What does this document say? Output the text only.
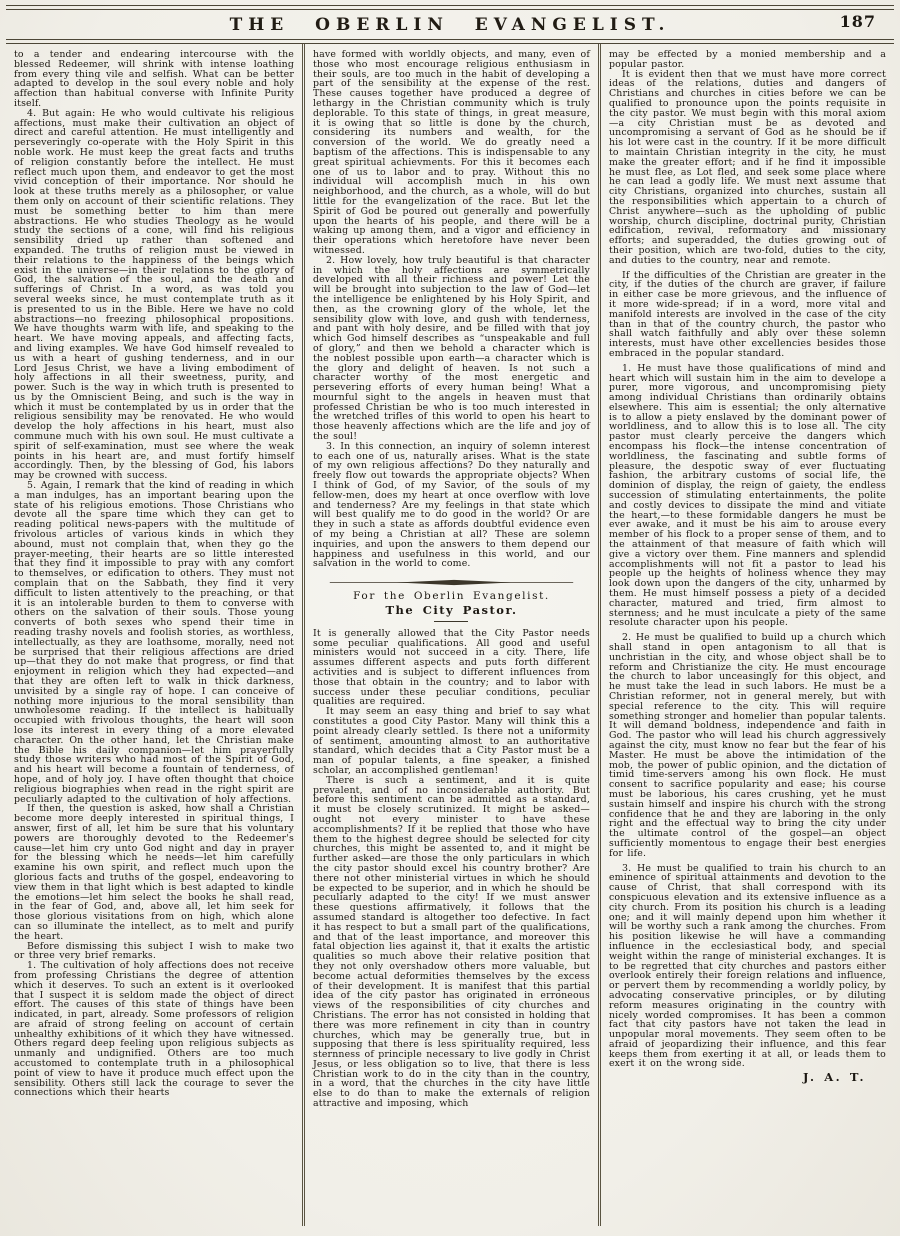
THE OBERLIN EVANGELIST.	187

to a tender and endearing intercourse with the blessed Redeemer, will shrink with intense loathing from every thing vile and selfish. What can be better adapted to develop in the soul every noble and holy affection than habitual converse with Infinite Purity itself.

4. But again: He who would cultivate his religious affections, must make their cultivation an object of direct and careful attention. He must intelligently and perseveringly co-operate with the Holy Spirit in this noble work. He must keep the great facts and truths of religion constantly before the intellect. He must reflect much upon them, and endeavor to get the most vivid conception of their importance. Nor should he look at these truths merely as a philosopher, or value them only on account of their scientific relations. They must be something better to him than mere abstractions. He who studies Theology as he would study the sections of a cone, will find his religious sensibility dried up rather than softened and expanded. The truths of religion must be viewed in their relations to the happiness of the beings which exist in the universe—in their relations to the glory of God, the salvation of the soul, and the death and sufferings of Christ. In a word, as was told you several weeks since, he must contemplate truth as it is presented to us in the Bible. Here we have no cold abstractions—no freezing philosophical propositions. We have thoughts warm with life, and speaking to the heart. We have moving appeals, and affecting facts, and living examples. We have God himself revealed to us with a heart of gushing tenderness, and in our Lord Jesus Christ, we have a living embodiment of holy affections in all their sweetness, purity, and power. Such is the way in which truth is presented to us by the Omniscient Being, and such is the way in which it must be contemplated by us in order that the religious sensibility may be renovated. He who would develop the holy affections in his heart, must also commune much with his own soul. He must cultivate a spirit of self-examination, must see where the weak points in his heart are, and must fortify himself accordingly. Then, by the blessing of God, his labors may be crowned with success.

5. Again, I remark that the kind of reading in which a man indulges, has an important bearing upon the state of his religious emotions. Those Christians who devote all the spare time which they can get to reading political news-papers with the multitude of frivolous articles of various kinds in which they abound, must not complain that, when they go the prayer-meeting, their hearts are so little interested that they find it impossible to pray with any comfort to themselves, or edification to others. They must not complain that on the Sabbath, they find it very difficult to listen attentively to the preaching, or that it is an intolerable burden to them to converse with others on the salvation of their souls. Those young converts of both sexes who spend their time in reading trashy novels and foolish stories, as worthless, intellectually, as they are loathsome, morally, need not be surprised that their religious affections are dried up—that they do not make that progress, or find that enjoyment in religion which they had expected—and that they are often left to walk in thick darkness, unvisited by a single ray of hope. I can conceive of nothing more injurious to the moral sensibility than unwholesome reading. If the intellect is habitually occupied with frivolous thoughts, the heart will soon lose its interest in every thing of a more elevated character. On the other hand, let the Christian make the Bible his daily companion—let him prayerfully study those writers who had most of the Spirit of God, and his heart will become a fountain of tenderness, of hope, and of holy joy. I have often thought that choice religious biographies when read in the right spirit are peculiarly adapted to the cultivation of holy affections.

If then, the question is asked, how shall a Christian become more deeply interested in spiritual things, I answer, first of all, let him be sure that his voluntary powers are thoroughly devoted to the Redeemer's cause—let him cry unto God night and day in prayer for the blessing which he needs—let him carefully examine his own spirit, and reflect much upon the glorious facts and truths of the gospel, endeavoring to view them in that light which is best adapted to kindle the emotions—let him select the books he shall read, in the fear of God, and, above all, let him seek for those glorious visitations from on high, which alone can so illuminate the intellect, as to melt and purify the heart.

Before dismissing this subject I wish to make two or three very brief remarks.

1. The cultivation of holy affections does not receive from professing Christians the degree of attention which it deserves. To such an extent is it overlooked that I suspect it is seldom made the object of direct effort. The causes of this state of things have been indicated, in part, already. Some professors of religion are afraid of strong feeling on account of certain unhealthy exhibitions of it which they have witnessed. Others regard deep feeling upon religious subjects as unmanly and undignified. Others are too much accustomed to contemplate truth in a philosophical point of view to have it produce much effect upon the sensibility. Others still lack the courage to sever the connections which their hearts

have formed with worldly objects, and many, even of those who most encourage religious enthusiasm in their souls, are too much in the habit of developing a part of the sensibility at the expense of the rest. These causes together have produced a degree of lethargy in the Christian community which is truly deplorable. To this state of things, in great measure, it is owing that so little is done by the church, considering its numbers and wealth, for the conversion of the world. We do greatly need a baptism of the affections. This is indispensable to any great spiritual achievments. For this it becomes each one of us to labor and to pray. Without this no individual will accomplish much in his own neighborhood, and the church, as a whole, will do but little for the evangelization of the race. But let the Spirit of God be poured out generally and powerfully upon the hearts of his people, and there will be a waking up among them, and a vigor and efficiency in their operations which heretofore have never been witnessed.

2. How lovely, how truly beautiful is that character in which the holy affections are symmetrically developed with all their richness and power! Let the will be brought into subjection to the law of God—let the intelligence be enlightened by his Holy Spirit, and then, as the crowning glory of the whole, let the sensibility glow with love, and gush with tenderness, and pant with holy desire, and be filled with that joy which God himself describes as “unspeakable and full of glory,” and then we behold a character which is the noblest possible upon earth—a character which is the glory and delight of heaven. Is not such a character worthy of the most energetic and persevering efforts of every human being! What a mournful sight to the angels in heaven must that professed Christian be who is too much interested in the wretched trifles of this world to open his heart to those heavenly affections which are the life and joy of the soul!

3. In this connection, an inquiry of solemn interest to each one of us, naturally arises. What is the state of my own religious affections? Do they naturally and freely flow out towards the appropriate objects? When I think of God, of my Savior, of the souls of my fellow-men, does my heart at once overflow with love and tenderness? Are my feelings in that state which will best qualify me to do good in the world? Or are they in such a state as affords doubtful evidence even of my being a Christian at all? These are solemn inquiries, and upon the answers to them depend our happiness and usefulness in this world, and our salvation in the world to come.

For the Oberlin Evangelist.

The City Pastor.

It is generally allowed that the City Pastor needs some peculiar qualifications. All good and useful ministers would not succeed in a city. There, life assumes different aspects and puts forth different activities and is subject to different influences from those that obtain in the country; and to labor with success under these peculiar conditions, peculiar qualities are required.

It may seem an easy thing and brief to say what constitutes a good City Pastor. Many will think this a point already clearly settled. Is there not a uniformity of sentiment, amounting almost to an authoritative standard, which decides that a City Pastor must be a man of popular talents, a fine speaker, a finished scholar, an accomplished gentleman!

There is such a sentiment, and it is quite prevalent, and of no inconsiderable authority. But before this sentiment can be admitted as a standard, it must be closely scrutinized. It might be asked—ought not every minister to have these accomplishments? If it be replied that those who have them to the highest degree should be selected for city churches, this might be assented to, and it might be further asked—are those the only particulars in which the city pastor should excel his country brother? Are there not other ministerial virtues in which he should be expected to be superior, and in which he should be peculiarly adapted to the city! If we must answer these questions affirmatively, it follows that the assumed standard is altogether too defective. In fact it has respect to but a small part of the qualifications, and that of the least importance, and moreover this fatal objection lies against it, that it exalts the artistic qualities so much above their relative position that they not only overshadow others more valuable, but become actual deformities themselves by the excess of their development. It is manifest that this partial idea of the city pastor has originated in erroneous views of the responsibilities of city churches and Christians. The error has not consisted in holding that there was more refinement in city than in country churches, which may be generally true, but in supposing that there is less spirituality required, less sternness of principle necessary to live godly in Christ Jesus, or less obligation so to live, that there is less Christian work to do in the city than in the country, in a word, that the churches in the city have little else to do than to make the externals of religion attractive and imposing, which

may be effected by a monied membership and a popular pastor.

It is evident then that we must have more correct ideas of the relations, duties and dangers of Christians and churches in cities before we can be qualified to pronounce upon the points requisite in the city pastor. We must begin with this moral axiom—a city Christian must be as devoted and uncompromising a servant of God as he should be if his lot were cast in the country. If it be more difficult to maintain Christian integrity in the city, he must make the greater effort; and if he find it impossible he must flee, as Lot fled, and seek some place where he can lead a godly life. We must next assume that city Christians, organized into churches, sustain all the responsibilities which appertain to a church of Christ anywhere—such as the upholding of public worship, church discipline, doctrinal purity, Christian edification, revival, reformatory and missionary efforts; and superadded, the duties growing out of their position, which are two-fold, duties to the city, and duties to the country, near and remote.

If the difficulties of the Christian are greater in the city, if the duties of the church are graver, if failure in either case be more grievous, and the influence of it more wide-spread; if in a word, more vital and manifold interests are involved in the case of the city than in that of the country church, the pastor who shall watch faithfully and ably over these solemn interests, must have other excellencies besides those embraced in the popular standard.

1. He must have those qualifications of mind and heart which will sustain him in the aim to develope a purer, more vigorous, and uncompromising piety among individual Christians than ordinarily obtains elsewhere. This aim is essential; the only alternative is to allow a piety enslaved by the dominant power of worldliness, and to allow this is to lose all. The city pastor must clearly perceive the dangers which encompass his flock—the intense concentration of worldliness, the fascinating and subtle forms of pleasure, the despotic sway of ever fluctuating fashion, the arbitrary customs of social life, the dominion of display, the reign of gaiety, the endless succession of stimulating entertainments, the polite and costly devices to dissipate the mind and vitiate the heart,—to these formidable dangers he must be ever awake, and it must be his aim to arouse every member of his flock to a proper sense of them, and to the attainment of that measure of faith which will give a victory over them. Fine manners and splendid accomplishments will not fit a pastor to lead his people up the heights of holiness whence they may look down upon the dangers of the city, unharmed by them. He must himself possess a piety of a decided character, matured and tried, firm almost to sternness; and he must inculcate a piety of the same resolute character upon his people.

2. He must be qualified to build up a church which shall stand in open antagonism to all that is unchristian in the city, and whose object shall be to reform and Christianize the city. He must encourage the church to labor unceasingly for this object, and he must take the lead in such labors. He must be a Christian reformer, not in general merely, but with special reference to the city. This will require something stronger and homelier than popular talents. It will demand boldness, independence and faith in God. The pastor who will lead his church aggressively against the city, must know no fear but the fear of his Master. He must be above the intimidation of the mob, the power of public opinion, and the dictation of timid time-servers among his own flock. He must consent to sacrifice popularity and ease; his course must be laborious, his cares crushing, yet he must sustain himself and inspire his church with the strong confidence that he and they are laboring in the only right and the effectual way to bring the city under the ultimate control of the gospel—an object sufficiently momentous to engage their best energies for life.

3. He must be qualified to train his church to an eminence of spiritual attainments and devotion to the cause of Christ, that shall correspond with its conspicuous elevation and its extensive influence as a city church. From its position his church is a leading one; and it will mainly depend upon him whether it will be worthy such a rank among the churches. From his position likewise he will have a commanding influence in the ecclesiastical body, and special weight within the range of ministerial exchanges. It is to be regretted that city churches and pastors either overlook entirely their foreign relations and influence, or pervert them by recommending a worldly policy, by advocating conservative principles, or by diluting reform measures originating in the country with nicely worded compromises. It has been a common fact that city pastors have not taken the lead in unpopular moral movements. They seem often to be afraid of jeopardizing their influence, and this fear keeps them from exerting it at all, or leads them to exert it on the wrong side.

J. A. T.
